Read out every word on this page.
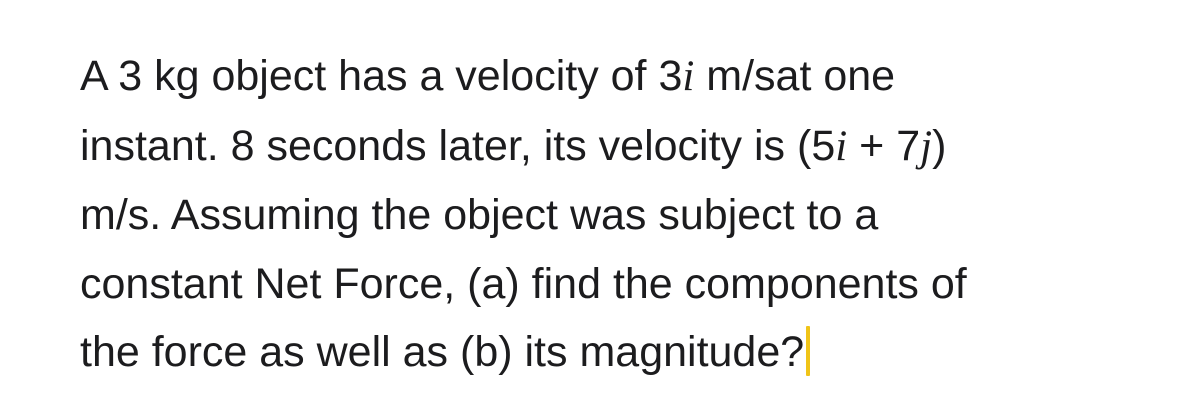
A 3 kg object has a velocity of 3i m/sat one
instant. 8 seconds later, its velocity is (5i + 7j)
m/s. Assuming the object was subject to a
constant Net Force, (a) find the components of
the force as well as (b) its magnitude?
